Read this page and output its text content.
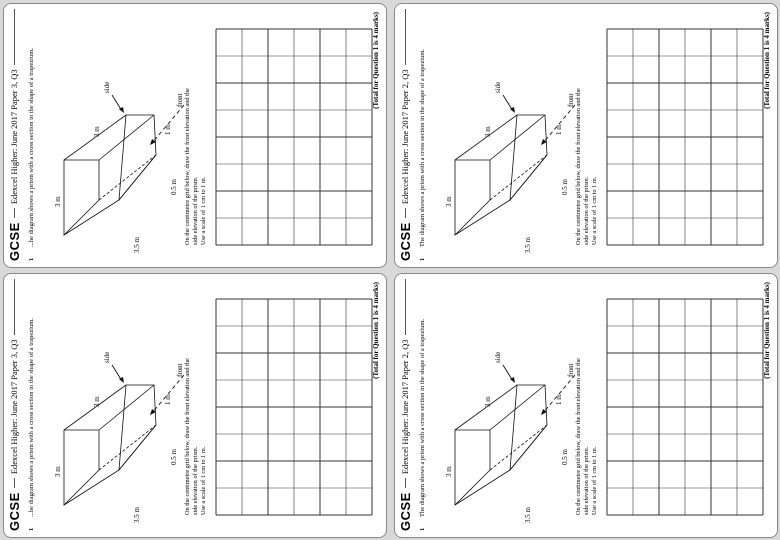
GCSE
Edexcel Higher: June 2017 Paper 3, Q3
1
...he diagram shows a prism with a cross section in the shape of a trapezium.	3 m
3 m
3.5 m
0.5 m
1 m
front
side
On the centimetre grid below, draw the front elevation and the side elevation of the prism. Use a scale of 1 cm to 1 m.
(Total for Question 1 is 4 marks)
GCSE
Edexcel Higher: June 2017 Paper 2, Q3
1
The diagram shows a prism with a cross section in the shape of a trapezium.	3 m
3 m
3.5 m
0.5 m
1 m
front
side
On the centimetre grid below, draw the front elevation and the side elevation of the prism. Use a scale of 1 cm to 1 m.
(Total for Question 1 is 4 marks)
GCSE
Edexcel Higher: June 2017 Paper 3, Q3
1
...he diagram shows a prism with a cross section in the shape of a trapezium.	3 m
3 m
3.5 m
0.5 m
1 m
front
side
On the centimetre grid below, draw the front elevation and the side elevation of the prism. Use a scale of 1 cm to 1 m.
(Total for Question 1 is 4 marks)
GCSE
Edexcel Higher: June 2017 Paper 2, Q3
1
The diagram shows a prism with a cross section in the shape of a trapezium.	3 m
3 m
3.5 m
0.5 m
1 m
front
side
On the centimetre grid below, draw the front elevation and the side elevation of the prism. Use a scale of 1 cm to 1 m.
(Total for Question 1 is 4 marks)
